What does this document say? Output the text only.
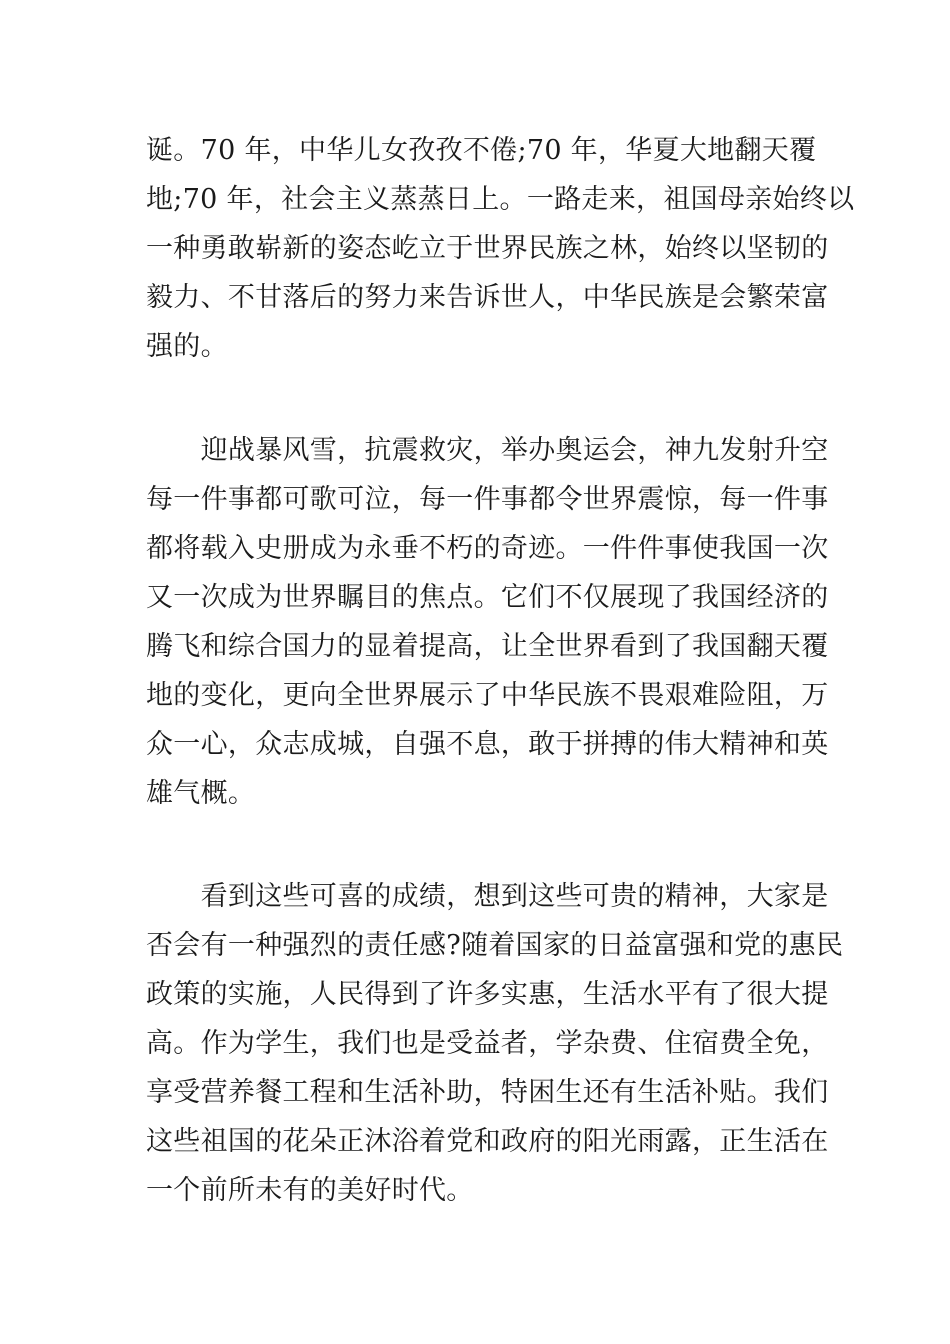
诞。70 年，中华儿女孜孜不倦;70 年，华夏大地翻天覆
地;70 年，社会主义蒸蒸日上。一路走来，祖国母亲始终以
一种勇敢崭新的姿态屹立于世界民族之林，始终以坚韧的
毅力、不甘落后的努力来告诉世人，中华民族是会繁荣富
强的。
　　迎战暴风雪，抗震救灾，举办奥运会，神九发射升空
每一件事都可歌可泣，每一件事都令世界震惊，每一件事
都将载入史册成为永垂不朽的奇迹。一件件事使我国一次
又一次成为世界瞩目的焦点。它们不仅展现了我国经济的
腾飞和综合国力的显着提高，让全世界看到了我国翻天覆
地的变化，更向全世界展示了中华民族不畏艰难险阻，万
众一心，众志成城，自强不息，敢于拼搏的伟大精神和英
雄气概。
　　看到这些可喜的成绩，想到这些可贵的精神，大家是
否会有一种强烈的责任感?随着国家的日益富强和党的惠民
政策的实施，人民得到了许多实惠，生活水平有了很大提
高。作为学生，我们也是受益者，学杂费、住宿费全免，
享受营养餐工程和生活补助，特困生还有生活补贴。我们
这些祖国的花朵正沐浴着党和政府的阳光雨露，正生活在
一个前所未有的美好时代。
